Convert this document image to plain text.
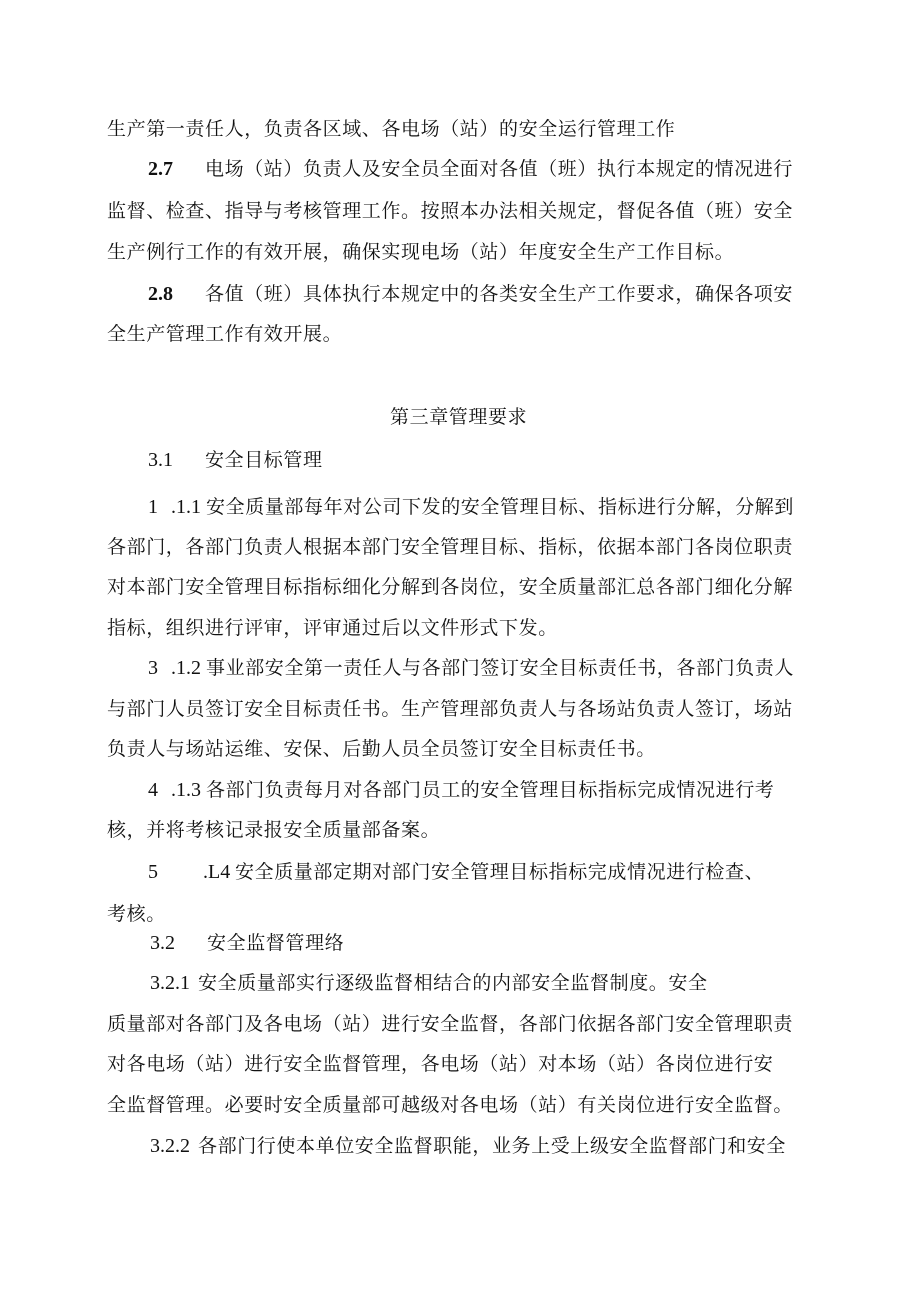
生产第一责任人，负责各区域、各电场（站）的安全运行管理工作
2.7 电场（站）负责人及安全员全面对各值（班）执行本规定的情况进行
监督、检查、指导与考核管理工作。按照本办法相关规定，督促各值（班）安全
生产例行工作的有效开展，确保实现电场（站）年度安全生产工作目标。
2.8 各值（班）具体执行本规定中的各类安全生产工作要求，确保各项安
全生产管理工作有效开展。
第三章管理要求
3.1 安全目标管理
1 .1.1 安全质量部每年对公司下发的安全管理目标、指标进行分解，分解到
各部门，各部门负责人根据本部门安全管理目标、指标，依据本部门各岗位职责
对本部门安全管理目标指标细化分解到各岗位，安全质量部汇总各部门细化分解
指标，组织进行评审，评审通过后以文件形式下发。
3 .1.2 事业部安全第一责任人与各部门签订安全目标责任书，各部门负责人
与部门人员签订安全目标责任书。生产管理部负责人与各场站负责人签订，场站
负责人与场站运维、安保、后勤人员全员签订安全目标责任书。
4 .1.3 各部门负责每月对各部门员工的安全管理目标指标完成情况进行考
核，并将考核记录报安全质量部备案。
5 .L4 安全质量部定期对部门安全管理目标指标完成情况进行检查、
考核。
3.2 安全监督管理络
3.2.1 安全质量部实行逐级监督相结合的内部安全监督制度。安全
质量部对各部门及各电场（站）进行安全监督，各部门依据各部门安全管理职责
对各电场（站）进行安全监督管理，各电场（站）对本场（站）各岗位进行安
全监督管理。必要时安全质量部可越级对各电场（站）有关岗位进行安全监督。
3.2.2 各部门行使本单位安全监督职能，业务上受上级安全监督部门和安全
